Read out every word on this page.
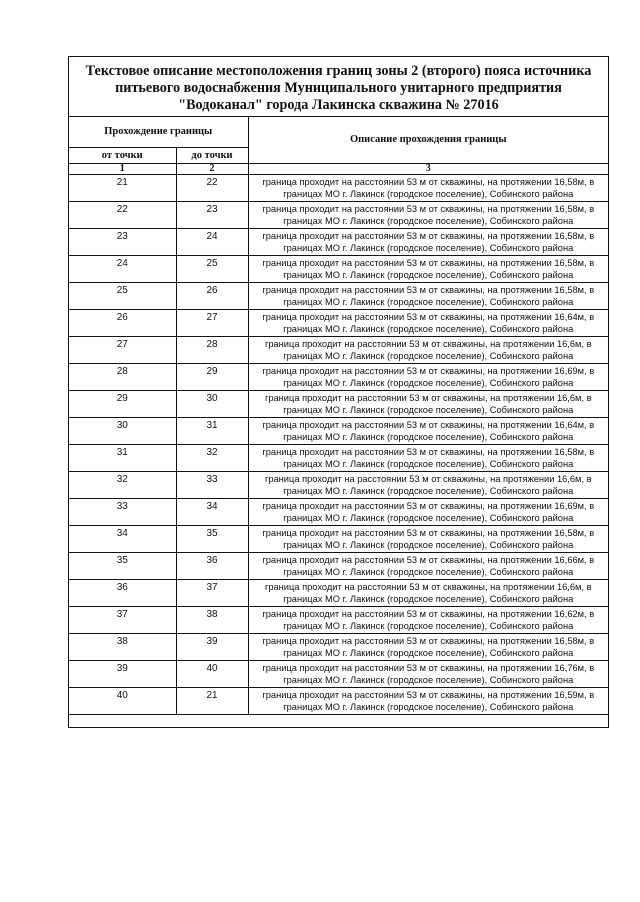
Текстовое описание местоположения границ зоны 2 (второго) пояса источника
питьевого водоснабжения Муниципального унитарного предприятия
"Водоканал" города Лакинска скважина № 27016
Прохождение границы		Описание прохождения границы
от точки	до точки	
1	2	3
21	22	граница проходит на расстоянии 53 м от скважины, на протяжении 16,58м, в
границах МО г. Лакинск (городское поселение), Собинского района

22	23	граница проходит на расстоянии 53 м от скважины, на протяжении 16,58м, в
границах МО г. Лакинск (городское поселение), Собинского района

23	24	граница проходит на расстоянии 53 м от скважины, на протяжении 16,58м, в
границах МО г. Лакинск (городское поселение), Собинского района

24	25	граница проходит на расстоянии 53 м от скважины, на протяжении 16,58м, в
границах МО г. Лакинск (городское поселение), Собинского района

25	26	граница проходит на расстоянии 53 м от скважины, на протяжении 16,58м, в
границах МО г. Лакинск (городское поселение), Собинского района

26	27	граница проходит на расстоянии 53 м от скважины, на протяжении 16,64м, в
границах МО г. Лакинск (городское поселение), Собинского района

27	28	граница проходит на расстоянии 53 м от скважины, на протяжении 16,6м, в
границах МО г. Лакинск (городское поселение), Собинского района

28	29	граница проходит на расстоянии 53 м от скважины, на протяжении 16,69м, в
границах МО г. Лакинск (городское поселение), Собинского района

29	30	граница проходит на расстоянии 53 м от скважины, на протяжении 16,6м, в
границах МО г. Лакинск (городское поселение), Собинского района

30	31	граница проходит на расстоянии 53 м от скважины, на протяжении 16,64м, в
границах МО г. Лакинск (городское поселение), Собинского района

31	32	граница проходит на расстоянии 53 м от скважины, на протяжении 16,58м, в
границах МО г. Лакинск (городское поселение), Собинского района

32	33	граница проходит на расстоянии 53 м от скважины, на протяжении 16,6м, в
границах МО г. Лакинск (городское поселение), Собинского района

33	34	граница проходит на расстоянии 53 м от скважины, на протяжении 16,69м, в
границах МО г. Лакинск (городское поселение), Собинского района

34	35	граница проходит на расстоянии 53 м от скважины, на протяжении 16,58м, в
границах МО г. Лакинск (городское поселение), Собинского района

35	36	граница проходит на расстоянии 53 м от скважины, на протяжении 16,66м, в
границах МО г. Лакинск (городское поселение), Собинского района

36	37	граница проходит на расстоянии 53 м от скважины, на протяжении 16,6м, в
границах МО г. Лакинск (городское поселение), Собинского района

37	38	граница проходит на расстоянии 53 м от скважины, на протяжении 16,62м, в
границах МО г. Лакинск (городское поселение), Собинского района

38	39	граница проходит на расстоянии 53 м от скважины, на протяжении 16,58м, в
границах МО г. Лакинск (городское поселение), Собинского района

39	40	граница проходит на расстоянии 53 м от скважины, на протяжении 16,76м, в
границах МО г. Лакинск (городское поселение), Собинского района

40	21	граница проходит на расстоянии 53 м от скважины, на протяжении 16,59м, в
границах МО г. Лакинск (городское поселение), Собинского района
